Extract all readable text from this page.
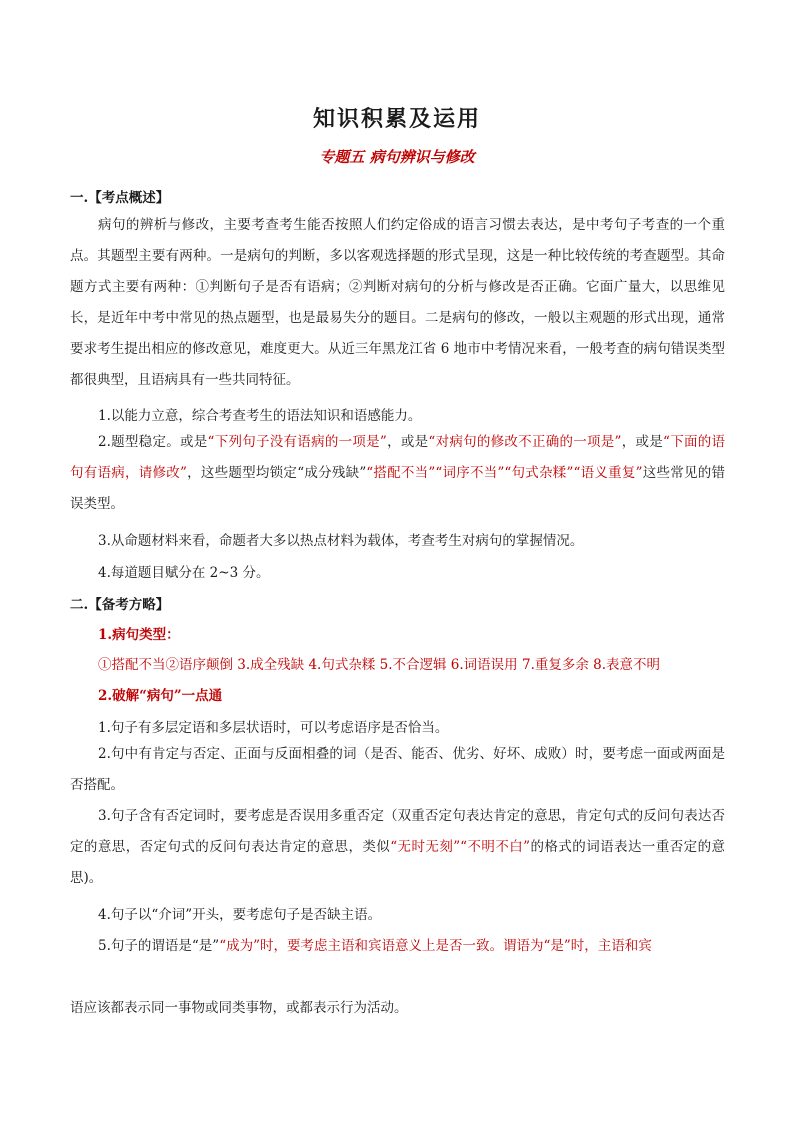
知识积累及运用
专题五 病句辨识与修改
一.【考点概述】
病句的辨析与修改，主要考查考生能否按照人们约定俗成的语言习惯去表达，是中考句子考查的一个重点。其题型主要有两种。一是病句的判断，多以客观选择题的形式呈现，这是一种比较传统的考查题型。其命题方式主要有两种：①判断句子是否有语病；②判断对病句的分析与修改是否正确。它面广量大，以思维见长，是近年中考中常见的热点题型，也是最易失分的题目。二是病句的修改，一般以主观题的形式出现，通常要求考生提出相应的修改意见，难度更大。从近三年黑龙江省 6 地市中考情况来看，一般考查的病句错误类型都很典型，且语病具有一些共同特征。
1.以能力立意，综合考查考生的语法知识和语感能力。
2.题型稳定。或是“下列句子没有语病的一项是”，或是“对病句的修改不正确的一项是”，或是“下面的语句有语病，请修改”，这些题型均锁定“成分残缺”“搭配不当”“词序不当”“句式杂糅”“语义重复”这些常见的错误类型。
3.从命题材料来看，命题者大多以热点材料为载体，考查考生对病句的掌握情况。
4.每道题目赋分在 2~3 分。
二.【备考方略】
1.病句类型：
①搭配不当②语序颠倒 3.成全残缺 4.句式杂糅 5.不合逻辑 6.词语误用 7.重复多余 8.表意不明
2.破解“病句”一点通
1.句子有多层定语和多层状语时，可以考虑语序是否恰当。
2.句中有肯定与否定、正面与反面相叠的词（是否、能否、优劣、好坏、成败）时，要考虑一面或两面是否搭配。
3.句子含有否定词时，要考虑是否误用多重否定（双重否定句表达肯定的意思，肯定句式的反问句表达否定的意思，否定句式的反问句表达肯定的意思，类似“无时无刻”“不明不白”的格式的词语表达一重否定的意思)。
4.句子以“介词”开头，要考虑句子是否缺主语。
5.句子的谓语是“是”“成为”时，要考虑主语和宾语意义上是否一致。谓语为“是”时，主语和宾
语应该都表示同一事物或同类事物，或都表示行为活动。
